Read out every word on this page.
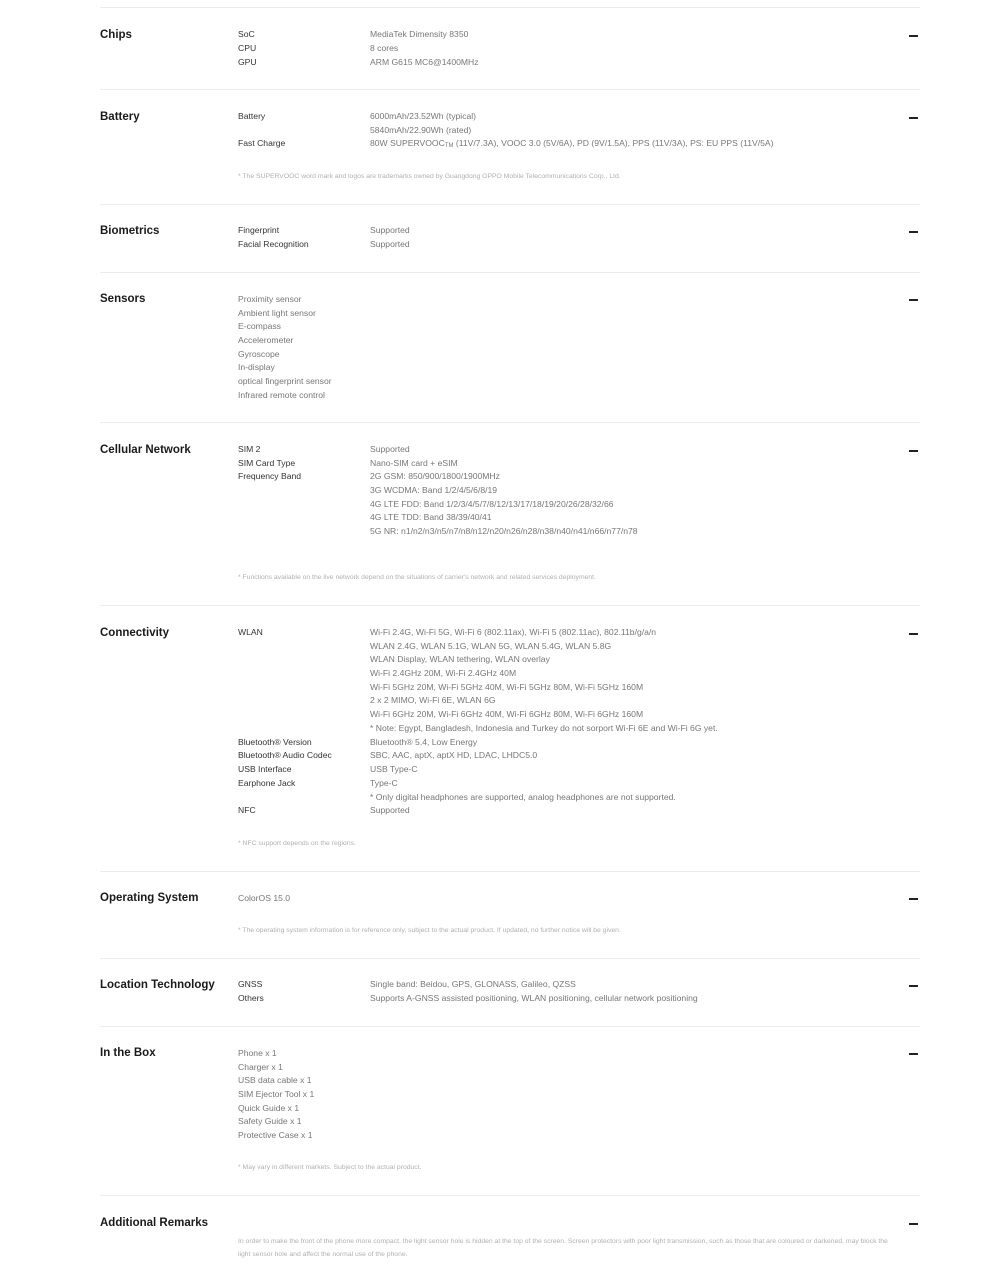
Chips	SoC	MediaTek Dimensity 8350
CPU	8 cores
GPU	ARM G615 MC6@1400MHz
Battery	Battery	6000mAh/23.52Wh (typical)
5840mAh/22.90Wh (rated)
Fast Charge	80W $SUPERVOOC_{TM}$ (11V/7.3A), VOOC 3.0 (5V/6A), PD (9V/1.5A), PPS (11V/3A), PS: EU PPS (11V/5A)
* The SUPERVOOC word mark and logos are trademarks owned by Guangdong OPPO Mobile Telecommunications Corp., Ltd.
Biometrics	Fingerprint	Supported
Facial Recognition	Supported
Sensors	Proximity sensor
Ambient light sensor
E-compass
Accelerometer
Gyroscope
In-display
optical fingerprint sensor
Infrared remote control
Cellular Network	SIM 2	Supported
SIM Card Type	Nano-SIM card + eSIM
Frequency Band	2G GSM: 850/900/1800/1900MHz
3G WCDMA: Band 1/2/4/5/6/8/19
4G LTE FDD: Band 1/2/3/4/5/7/8/12/13/17/18/19/20/26/28/32/66
4G LTE TDD: Band 38/39/40/41
5G NR: n1/n2/n3/n5/n7/n8/n12/n20/n26/n28/n38/n40/n41/n66/n77/n78
* Functions available on the live network depend on the situations of carrier's network and related services deployment.
Connectivity	WLAN	Wi-Fi 2.4G, Wi-Fi 5G, Wi-Fi 6 (802.11ax), Wi-Fi 5 (802.11ac), 802.11b/g/a/n
WLAN 2.4G, WLAN 5.1G, WLAN 5G, WLAN 5.4G, WLAN 5.8G
WLAN Display, WLAN tethering, WLAN overlay
Wi-Fi 2.4GHz 20M, Wi-Fi 2.4GHz 40M
Wi-Fi 5GHz 20M, Wi-Fi 5GHz 40M, Wi-Fi 5GHz 80M, Wi-Fi 5GHz 160M
2 x 2 MIMO, Wi-Fi 6E, WLAN 6G
Wi-Fi 6GHz 20M, Wi-Fi 6GHz 40M, Wi-Fi 6GHz 80M, Wi-Fi 6GHz 160M
* Note: Egypt, Bangladesh, Indonesia and Turkey do not sorport Wi-Fi 6E and Wi-Fi 6G yet.
Bluetooth® Version	Bluetooth® 5.4, Low Energy
Bluetooth® Audio Codec	SBC, AAC, aptX, aptX HD, LDAC, LHDC5.0
USB Interface	USB Type-C
Earphone Jack	Type-C
* Only digital headphones are supported, analog headphones are not supported.
NFC	Supported
* NFC support depends on the regions.
Operating System	ColorOS 15.0
* The operating system information is for reference only, subject to the actual product. If updated, no further notice will be given.
Location Technology	GNSS	Single band: Beidou, GPS, GLONASS, Galileo, QZSS
Others	Supports A-GNSS assisted positioning, WLAN positioning, cellular network positioning
In the Box	Phone x 1
Charger x 1
USB data cable x 1
SIM Ejector Tool x 1
Quick Guide x 1
Safety Guide x 1
Protective Case x 1
* May vary in different markets. Subject to the actual product.
Additional Remarks
In order to make the front of the phone more compact, the light sensor hole is hidden at the top of the screen. Screen protectors with poor light transmission, such as those that are coloured or darkened, may block the light sensor hole and affect the normal use of the phone.
